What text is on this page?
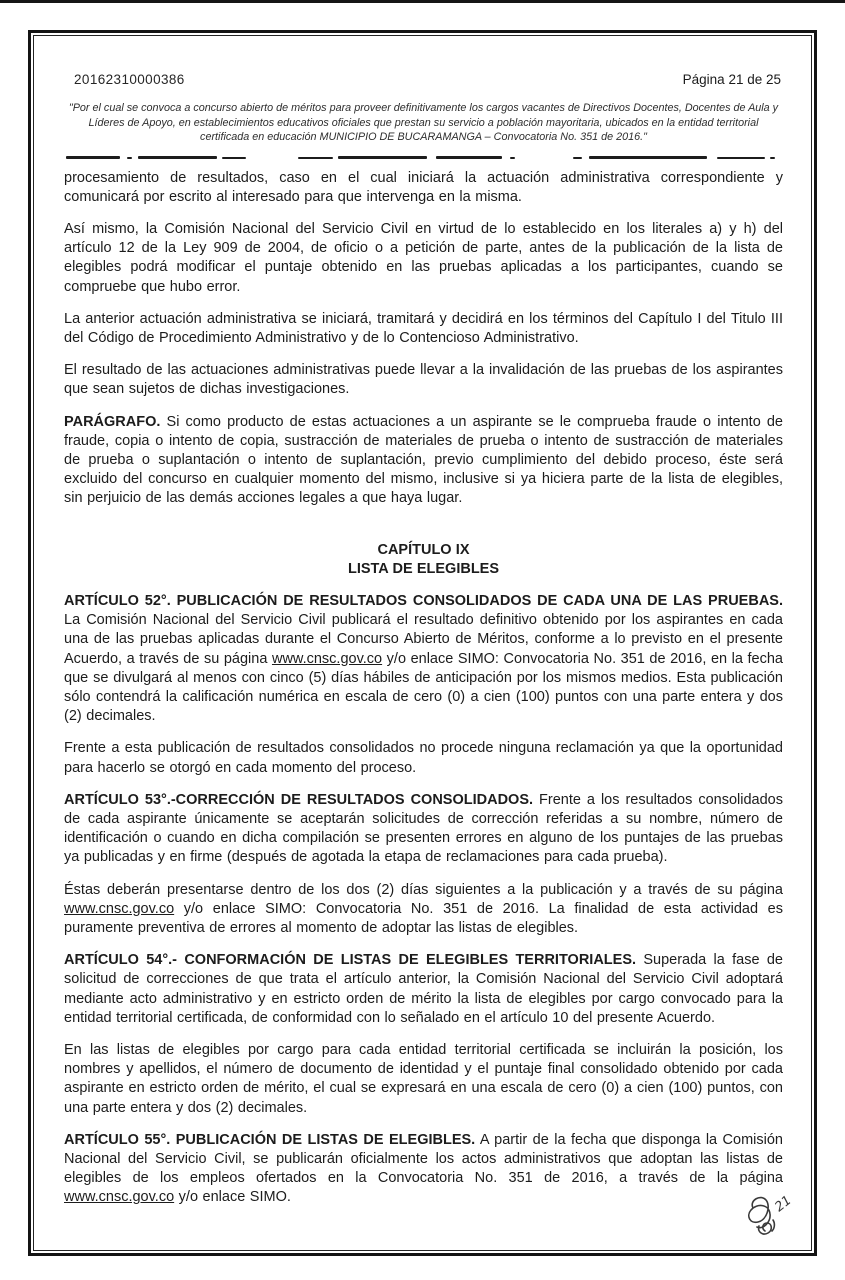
20162310000386	Página 21 de 25
"Por el cual se convoca a concurso abierto de méritos para proveer definitivamente los cargos vacantes de Directivos Docentes, Docentes de Aula y Líderes de Apoyo, en establecimientos educativos oficiales que prestan su servicio a población mayoritaria, ubicados en la entidad territorial certificada en educación MUNICIPIO DE BUCARAMANGA – Convocatoria No. 351 de 2016."

procesamiento de resultados, caso en el cual iniciará la actuación administrativa correspondiente y comunicará por escrito al interesado para que intervenga en la misma.

Así mismo, la Comisión Nacional del Servicio Civil en virtud de lo establecido en los literales a) y h) del artículo 12 de la Ley 909 de 2004, de oficio o a petición de parte, antes de la publicación de la lista de elegibles podrá modificar el puntaje obtenido en las pruebas aplicadas a los participantes, cuando se compruebe que hubo error.

La anterior actuación administrativa se iniciará, tramitará y decidirá en los términos del Capítulo I del Titulo III del Código de Procedimiento Administrativo y de lo Contencioso Administrativo.

El resultado de las actuaciones administrativas puede llevar a la invalidación de las pruebas de los aspirantes que sean sujetos de dichas investigaciones.

PARÁGRAFO. Si como producto de estas actuaciones a un aspirante se le comprueba fraude o intento de fraude, copia o intento de copia, sustracción de materiales de prueba o intento de sustracción de materiales de prueba o suplantación o intento de suplantación, previo cumplimiento del debido proceso, éste será excluido del concurso en cualquier momento del mismo, inclusive si ya hiciera parte de la lista de elegibles, sin perjuicio de las demás acciones legales a que haya lugar.

CAPÍTULO IX

LISTA DE ELEGIBLES

ARTÍCULO 52°. PUBLICACIÓN DE RESULTADOS CONSOLIDADOS DE CADA UNA DE LAS PRUEBAS. La Comisión Nacional del Servicio Civil publicará el resultado definitivo obtenido por los aspirantes en cada una de las pruebas aplicadas durante el Concurso Abierto de Méritos, conforme a lo previsto en el presente Acuerdo, a través de su página www.cnsc.gov.co y/o enlace SIMO: Convocatoria No. 351 de 2016, en la fecha que se divulgará al menos con cinco (5) días hábiles de anticipación por los mismos medios. Esta publicación sólo contendrá la calificación numérica en escala de cero (0) a cien (100) puntos con una parte entera y dos (2) decimales.

Frente a esta publicación de resultados consolidados no procede ninguna reclamación ya que la oportunidad para hacerlo se otorgó en cada momento del proceso.

ARTÍCULO 53°.-CORRECCIÓN DE RESULTADOS CONSOLIDADOS. Frente a los resultados consolidados de cada aspirante únicamente se aceptarán solicitudes de corrección referidas a su nombre, número de identificación o cuando en dicha compilación se presenten errores en alguno de los puntajes de las pruebas ya publicadas y en firme (después de agotada la etapa de reclamaciones para cada prueba).

Éstas deberán presentarse dentro de los dos (2) días siguientes a la publicación y a través de su página www.cnsc.gov.co y/o enlace SIMO: Convocatoria No. 351 de 2016. La finalidad de esta actividad es puramente preventiva de errores al momento de adoptar las listas de elegibles.

ARTÍCULO 54°.- CONFORMACIÓN DE LISTAS DE ELEGIBLES TERRITORIALES. Superada la fase de solicitud de correcciones de que trata el artículo anterior, la Comisión Nacional del Servicio Civil adoptará mediante acto administrativo y en estricto orden de mérito la lista de elegibles por cargo convocado para la entidad territorial certificada, de conformidad con lo señalado en el artículo 10 del presente Acuerdo.

En las listas de elegibles por cargo para cada entidad territorial certificada se incluirán la posición, los nombres y apellidos, el número de documento de identidad y el puntaje final consolidado obtenido por cada aspirante en estricto orden de mérito, el cual se expresará en una escala de cero (0) a cien (100) puntos, con una parte entera y dos (2) decimales.

ARTÍCULO 55°. PUBLICACIÓN DE LISTAS DE ELEGIBLES. A partir de la fecha que disponga la Comisión Nacional del Servicio Civil, se publicarán oficialmente los actos administrativos que adoptan las listas de elegibles de los empleos ofertados en la Convocatoria No. 351 de 2016, a través de la página www.cnsc.gov.co y/o enlace SIMO.	21
